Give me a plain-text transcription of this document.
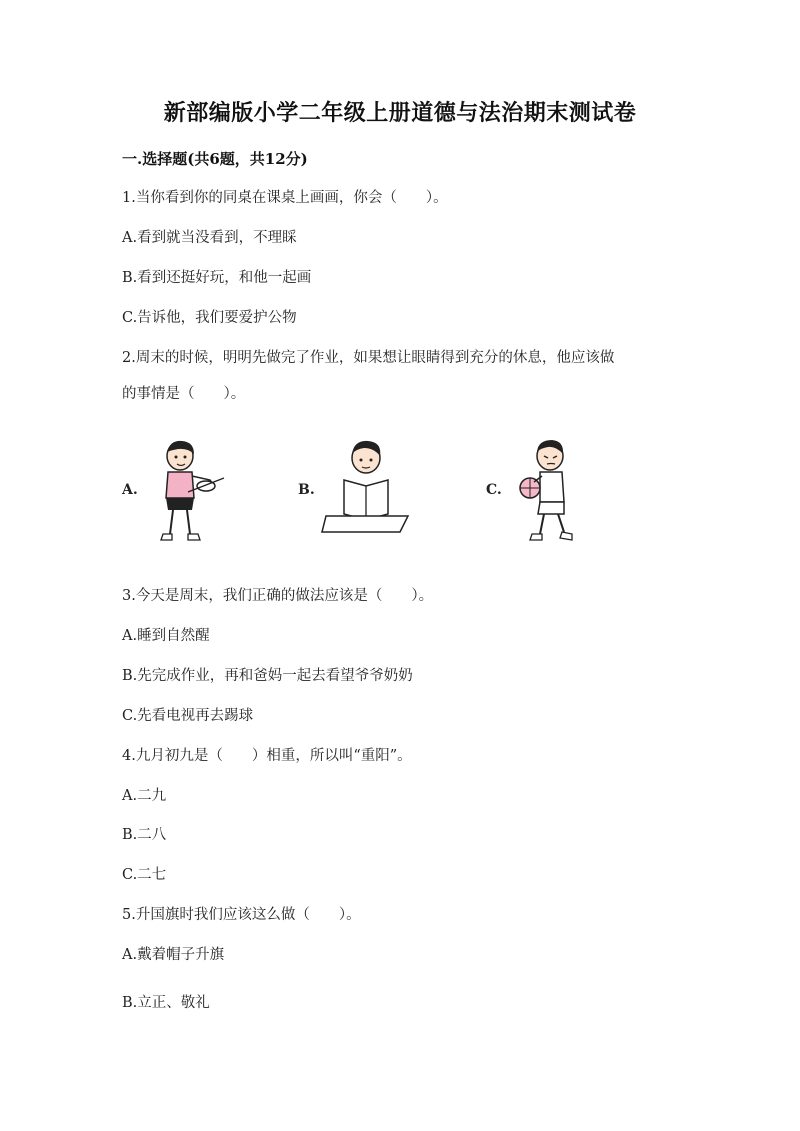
新部编版小学二年级上册道德与法治期末测试卷
一.选择题(共6题，共12分)
1.当你看到你的同桌在课桌上画画，你会（　　）。
A.看到就当没看到，不理睬
B.看到还挺好玩，和他一起画
C.告诉他，我们要爱护公物
2.周末的时候，明明先做完了作业，如果想让眼睛得到充分的休息，他应该做
的事情是（　　）。
A.	B.	C.
3.今天是周末，我们正确的做法应该是（　　）。
A.睡到自然醒
B.先完成作业，再和爸妈一起去看望爷爷奶奶
C.先看电视再去踢球
4.九月初九是（　　）相重，所以叫“重阳”。
A.二九
B.二八
C.二七
5.升国旗时我们应该这么做（　　）。
A.戴着帽子升旗
B.立正、敬礼
